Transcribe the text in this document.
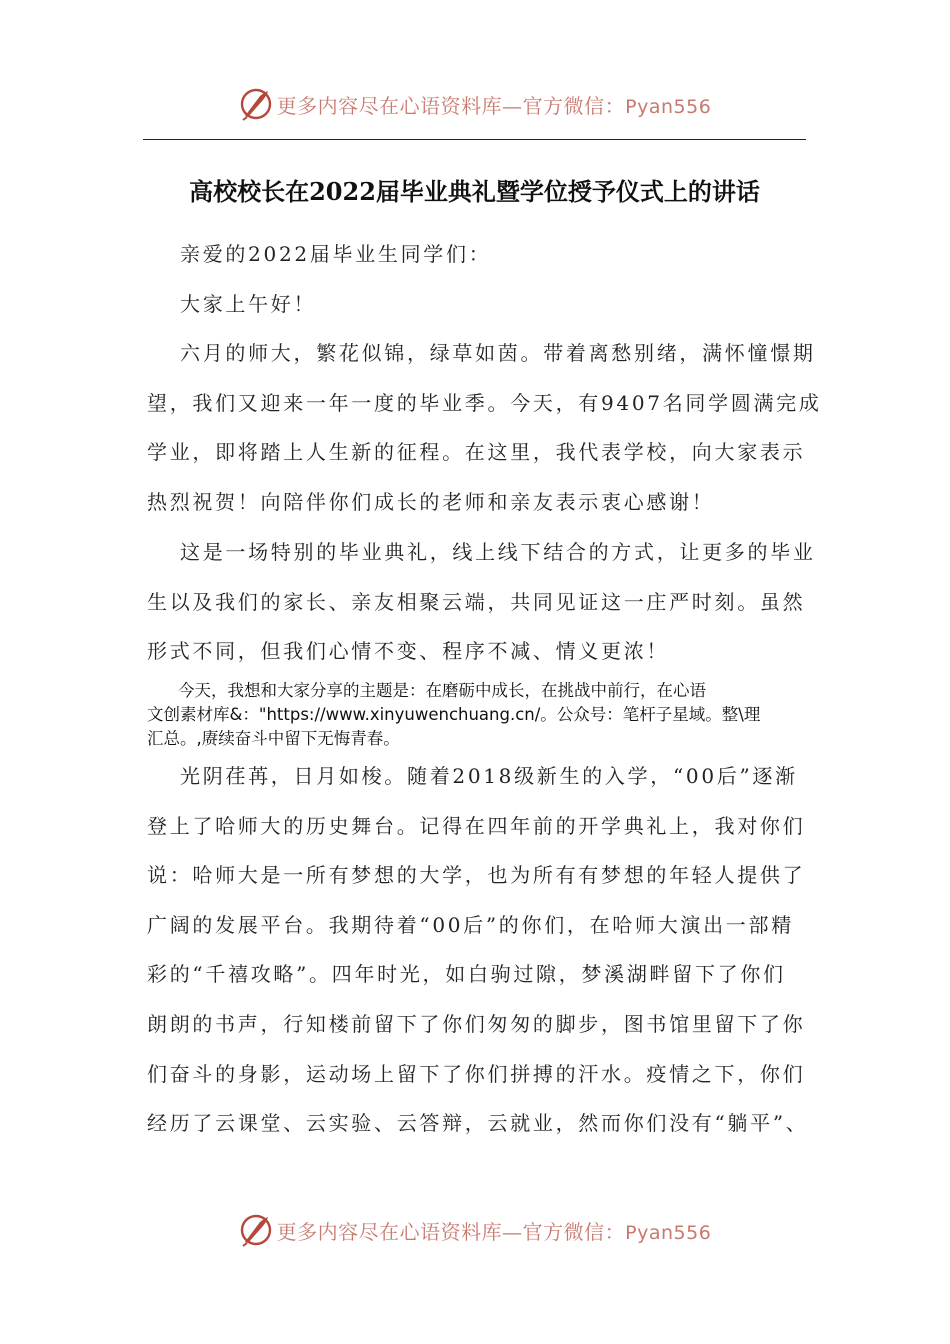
更多内容尽在心语资料库—官方微信：Pyan556
高校校长在2022届毕业典礼暨学位授予仪式上的讲话
亲爱的2022届毕业生同学们：
大家上午好！
六月的师大，繁花似锦，绿草如茵。带着离愁别绪，满怀憧憬期
望，我们又迎来一年一度的毕业季。今天，有9407名同学圆满完成
学业，即将踏上人生新的征程。在这里，我代表学校，向大家表示
热烈祝贺！向陪伴你们成长的老师和亲友表示衷心感谢！
这是一场特别的毕业典礼，线上线下结合的方式，让更多的毕业
生以及我们的家长、亲友相聚云端，共同见证这一庄严时刻。虽然
形式不同，但我们心情不变、程序不减、情义更浓！
今天，我想和大家分享的主题是：在磨砺中成长，在挑战中前行，在心语
文创素材库&："https://www.xinyuwenchuang.cn/。公众号：笔杆子星域。整\理
汇总。,赓续奋斗中留下无悔青春。
光阴荏苒，日月如梭。随着2018级新生的入学，“00后”逐渐
登上了哈师大的历史舞台。记得在四年前的开学典礼上，我对你们
说：哈师大是一所有梦想的大学，也为所有有梦想的年轻人提供了
广阔的发展平台。我期待着“00后”的你们，在哈师大演出一部精
彩的“千禧攻略”。四年时光，如白驹过隙，梦溪湖畔留下了你们
朗朗的书声，行知楼前留下了你们匆匆的脚步，图书馆里留下了你
们奋斗的身影，运动场上留下了你们拼搏的汗水。疫情之下，你们
经历了云课堂、云实验、云答辩，云就业，然而你们没有“躺平”、
更多内容尽在心语资料库—官方微信：Pyan556
